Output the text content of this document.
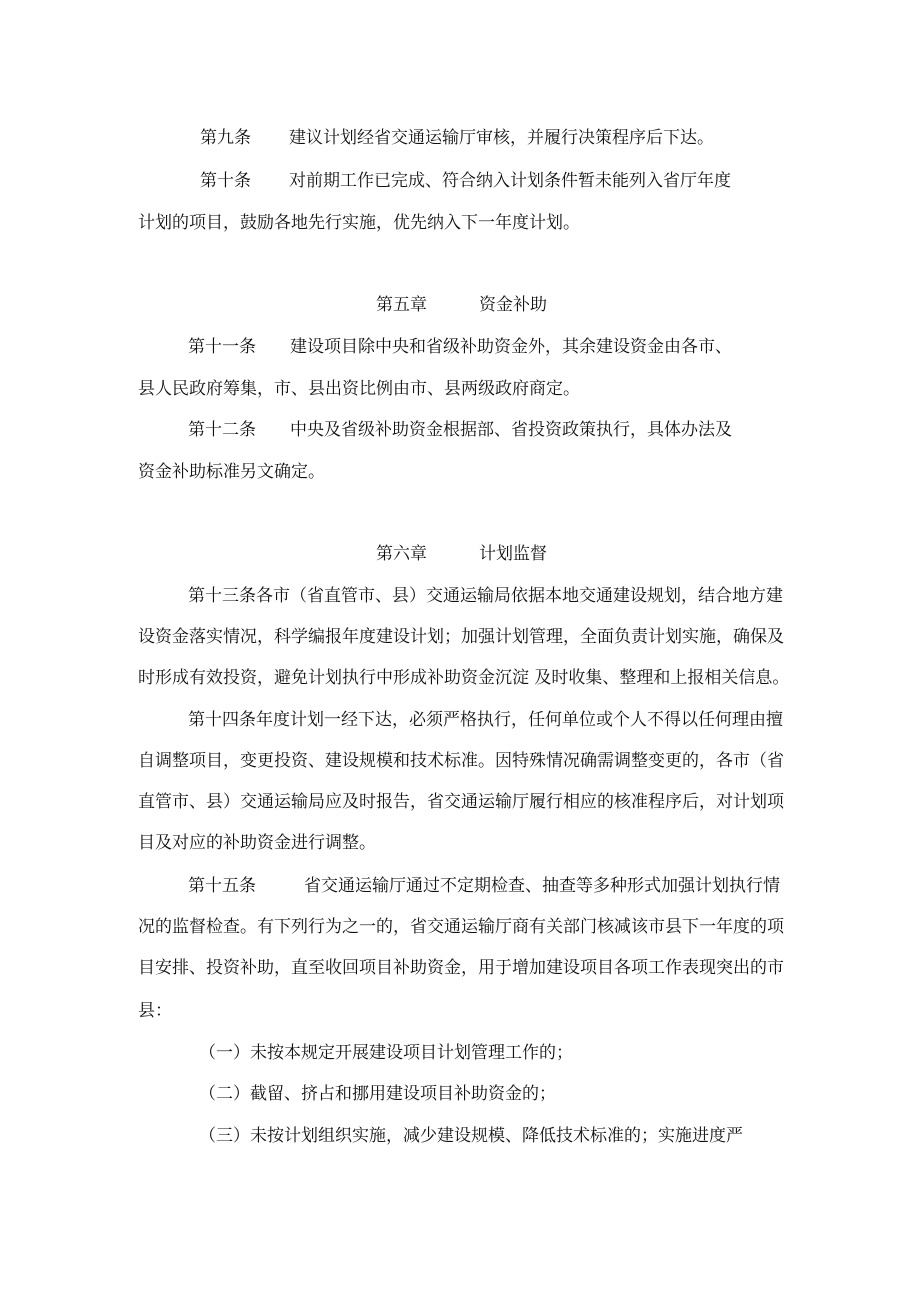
第九条 建议计划经省交通运输厅审核，并履行决策程序后下达。
第十条 对前期工作已完成、符合纳入计划条件暂未能列入省厅年度
计划的项目，鼓励各地先行实施，优先纳入下一年度计划。
第五章	资金补助
第十一条 建设项目除中央和省级补助资金外，其余建设资金由各市、
县人民政府筹集，市、县出资比例由市、县两级政府商定。
第十二条 中央及省级补助资金根据部、省投资政策执行，具体办法及
资金补助标准另文确定。
第六章	计划监督
第十三条各市（省直管市、县）交通运输局依据本地交通建设规划，结合地方建
设资金落实情况，科学编报年度建设计划；加强计划管理，全面负责计划实施，确保及
时形成有效投资，避免计划执行中形成补助资金沉淀 及时收集、整理和上报相关信息。
第十四条年度计划一经下达，必须严格执行，任何单位或个人不得以任何理由擅
自调整项目，变更投资、建设规模和技术标准。因特殊情况确需调整变更的，各市（省
直管市、县）交通运输局应及时报告，省交通运输厅履行相应的核准程序后，对计划项
目及对应的补助资金进行调整。
第十五条	省交通运输厅通过不定期检查、抽查等多种形式加强计划执行情
况的监督检查。有下列行为之一的，省交通运输厅商有关部门核减该市县下一年度的项
目安排、投资补助，直至收回项目补助资金，用于增加建设项目各项工作表现突出的市
县：
（一）未按本规定开展建设项目计划管理工作的；
（二）截留、挤占和挪用建设项目补助资金的；
（三）未按计划组织实施，减少建设规模、降低技术标准的；实施进度严
